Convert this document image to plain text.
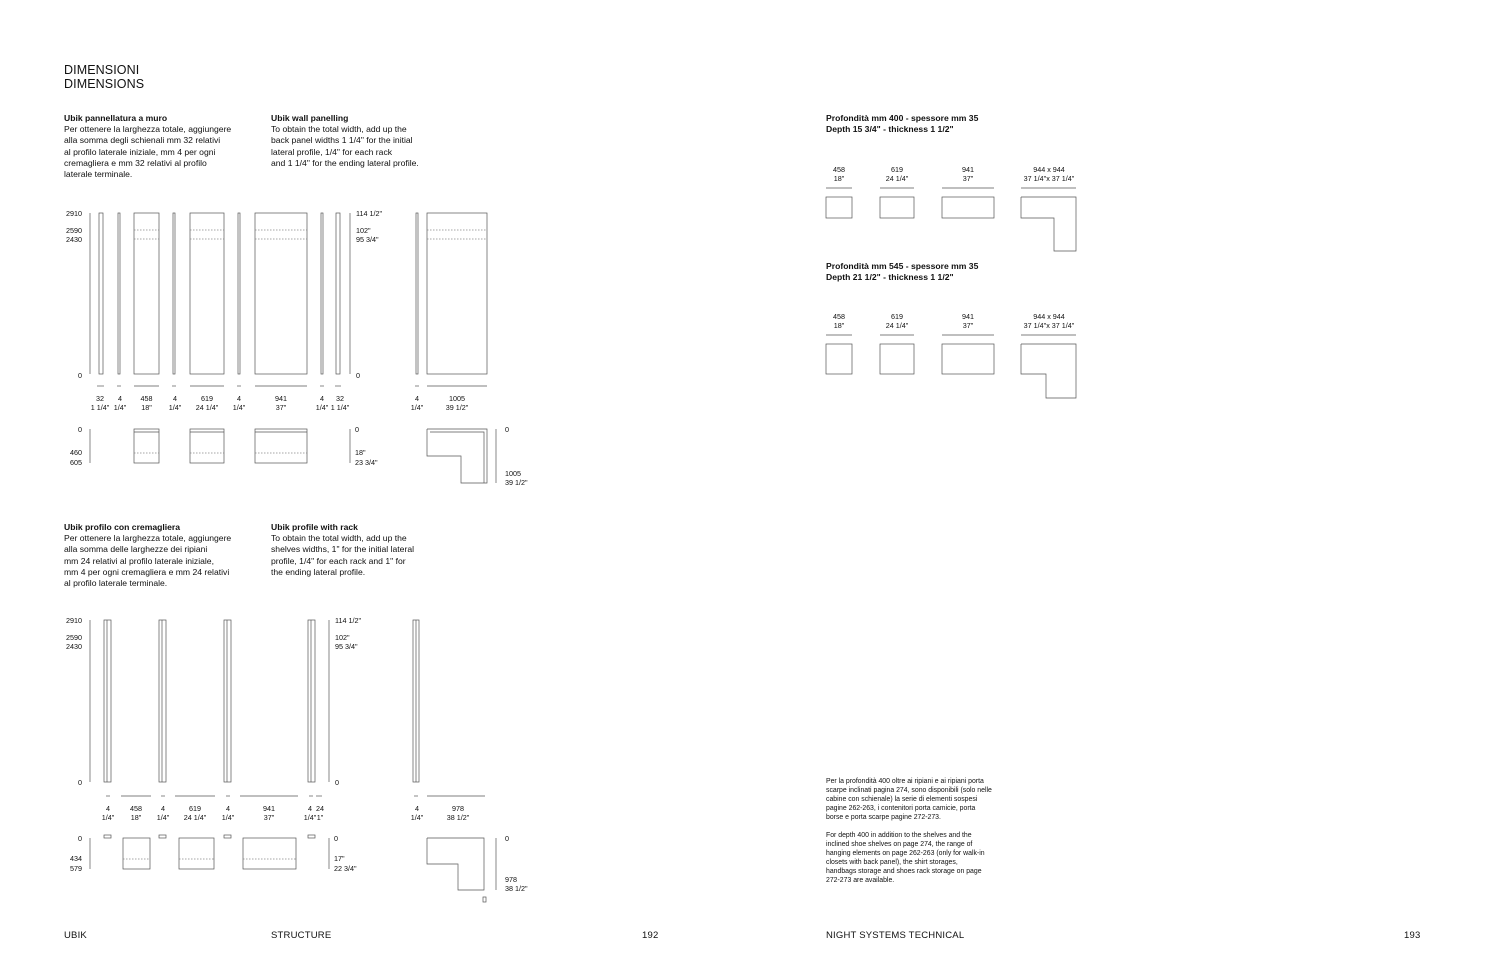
DIMENSIONI
DIMENSIONS
Ubik pannellatura a muro
Per ottenere la larghezza totale, aggiungere
alla somma degli schienali mm 32 relativi
al profilo laterale iniziale, mm 4 per ogni
cremagliera e mm 32 relativi al profilo
laterale terminale.
Ubik wall panelling
To obtain the total width, add up the
back panel widths 1 1/4" for the initial
lateral profile, 1/4" for each rack
and 1 1/4" for the ending lateral profile.
Ubik profilo con cremagliera
Per ottenere la larghezza totale, aggiungere
alla somma delle larghezze dei ripiani
mm 24 relativi al profilo laterale iniziale,
mm 4 per ogni cremagliera e mm 24 relativi
al profilo laterale terminale.
Ubik profile with rack
To obtain the total width, add up the
shelves widths, 1" for the initial lateral
profile, 1/4" for each rack and 1" for
the ending lateral profile.
2910
2590
2430
0
114 1/2"
102"
95 3/4"
0
32
1 1/4"
4
1/4"
458
18"
4
1/4"
619
24 1/4"
4
1/4"
941
37"
4
1/4"
32
1 1/4"
4
1/4"
1005
39 1/2"
0
460
605
0
18"
23 3/4"
0
1005
39 1/2"
2910
2590
2430
0
114 1/2"
102"
95 3/4"
0
4
1/4"
458
18"
4
1/4"
619
24 1/4"
4
1/4"
941
37"
4
1/4"
24
1"
4
1/4"
978
38 1/2"
0
434
579
0
17"
22 3/4"
0
978
38 1/2"
UBIK	STRUCTURE	192
Profondità mm 400 - spessore mm 35
Depth 15 3/4" - thickness 1 1/2"
458
18"
619
24 1/4"
941
37"
944 x 944
37 1/4"x 37 1/4"
Profondità mm 545 - spessore mm 35
Depth 21 1/2" - thickness 1 1/2"
458
18"
619
24 1/4"
941
37"
944 x 944
37 1/4"x 37 1/4"
Per la profondità 400 oltre ai ripiani e ai ripiani porta
scarpe inclinati pagina 274, sono disponibili (solo nelle
cabine con schienale) la serie di elementi sospesi
pagine 262-263, i contenitori porta camicie, porta
borse e porta scarpe pagine 272-273.
For depth 400 in addition to the shelves and the
inclined shoe shelves on page 274, the range of
hanging elements on page 262-263 (only for walk-in
closets with back panel), the shirt storages,
handbags storage and shoes rack storage on page
272-273 are available.
NIGHT SYSTEMS TECHNICAL	193
